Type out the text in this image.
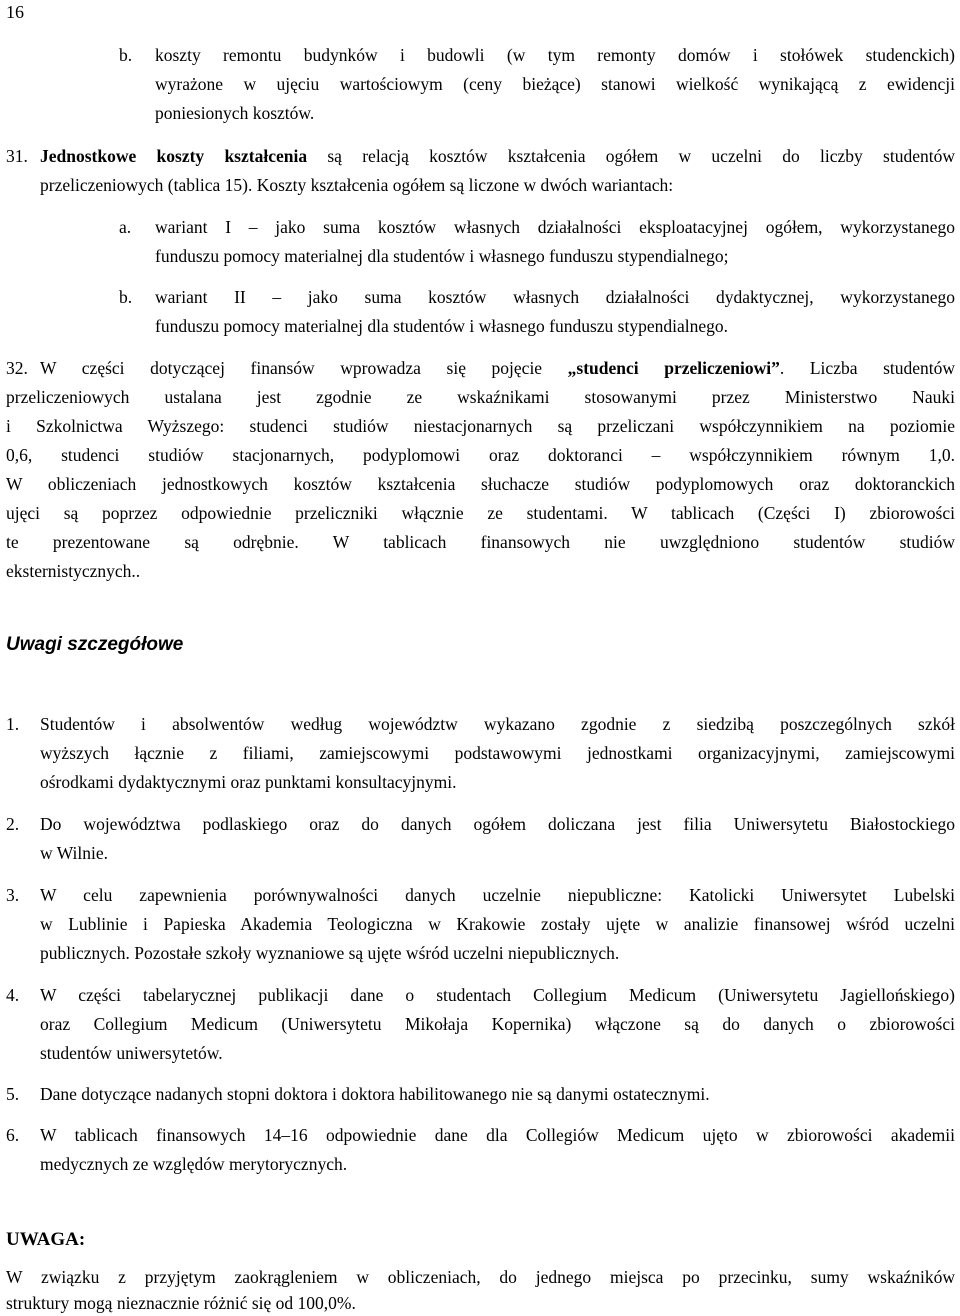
16
b. koszty remontu budynków i budowli (w tym remonty domów i stołówek studenckich)
wyrażone w ujęciu wartościowym (ceny bieżące) stanowi wielkość wynikającą z ewidencji
poniesionych kosztów.
31. Jednostkowe koszty kształcenia są relacją kosztów kształcenia ogółem w uczelni do liczby studentów
przeliczeniowych (tablica 15). Koszty kształcenia ogółem są liczone w dwóch wariantach:
a. wariant I – jako suma kosztów własnych działalności eksploatacyjnej ogółem, wykorzystanego
funduszu pomocy materialnej dla studentów i własnego funduszu stypendialnego;
b. wariant II – jako suma kosztów własnych działalności dydaktycznej, wykorzystanego
funduszu pomocy materialnej dla studentów i własnego funduszu stypendialnego.
32. W części dotyczącej finansów wprowadza się pojęcie „studenci przeliczeniowi”. Liczba studentów
przeliczeniowych ustalana jest zgodnie ze wskaźnikami stosowanymi przez Ministerstwo Nauki
i Szkolnictwa Wyższego: studenci studiów niestacjonarnych są przeliczani współczynnikiem na poziomie
0,6, studenci studiów stacjonarnych, podyplomowi oraz doktoranci – współczynnikiem równym 1,0.
W obliczeniach jednostkowych kosztów kształcenia słuchacze studiów podyplomowych oraz doktoranckich
ujęci są poprzez odpowiednie przeliczniki włącznie ze studentami. W tablicach (Części I) zbiorowości
te prezentowane są odrębnie. W tablicach finansowych nie uwzględniono studentów studiów
eksternistycznych..
Uwagi szczegółowe
1. Studentów i absolwentów według województw wykazano zgodnie z siedzibą poszczególnych szkół
wyższych łącznie z filiami, zamiejscowymi podstawowymi jednostkami organizacyjnymi, zamiejscowymi
ośrodkami dydaktycznymi oraz punktami konsultacyjnymi.
2. Do województwa podlaskiego oraz do danych ogółem doliczana jest filia Uniwersytetu Białostockiego
w Wilnie.
3. W celu zapewnienia porównywalności danych uczelnie niepubliczne: Katolicki Uniwersytet Lubelski
w Lublinie i Papieska Akademia Teologiczna w Krakowie zostały ujęte w analizie finansowej wśród uczelni
publicznych. Pozostałe szkoły wyznaniowe są ujęte wśród uczelni niepublicznych.
4. W części tabelarycznej publikacji dane o studentach Collegium Medicum (Uniwersytetu Jagiellońskiego)
oraz Collegium Medicum (Uniwersytetu Mikołaja Kopernika) włączone są do danych o zbiorowości
studentów uniwersytetów.
5. Dane dotyczące nadanych stopni doktora i doktora habilitowanego nie są danymi ostatecznymi.
6. W tablicach finansowych 14–16 odpowiednie dane dla Collegiów Medicum ujęto w zbiorowości akademii
medycznych ze względów merytorycznych.
UWAGA:
W związku z przyjętym zaokrągleniem w obliczeniach, do jednego miejsca po przecinku, sumy wskaźników
struktury mogą nieznacznie różnić się od 100,0%.
